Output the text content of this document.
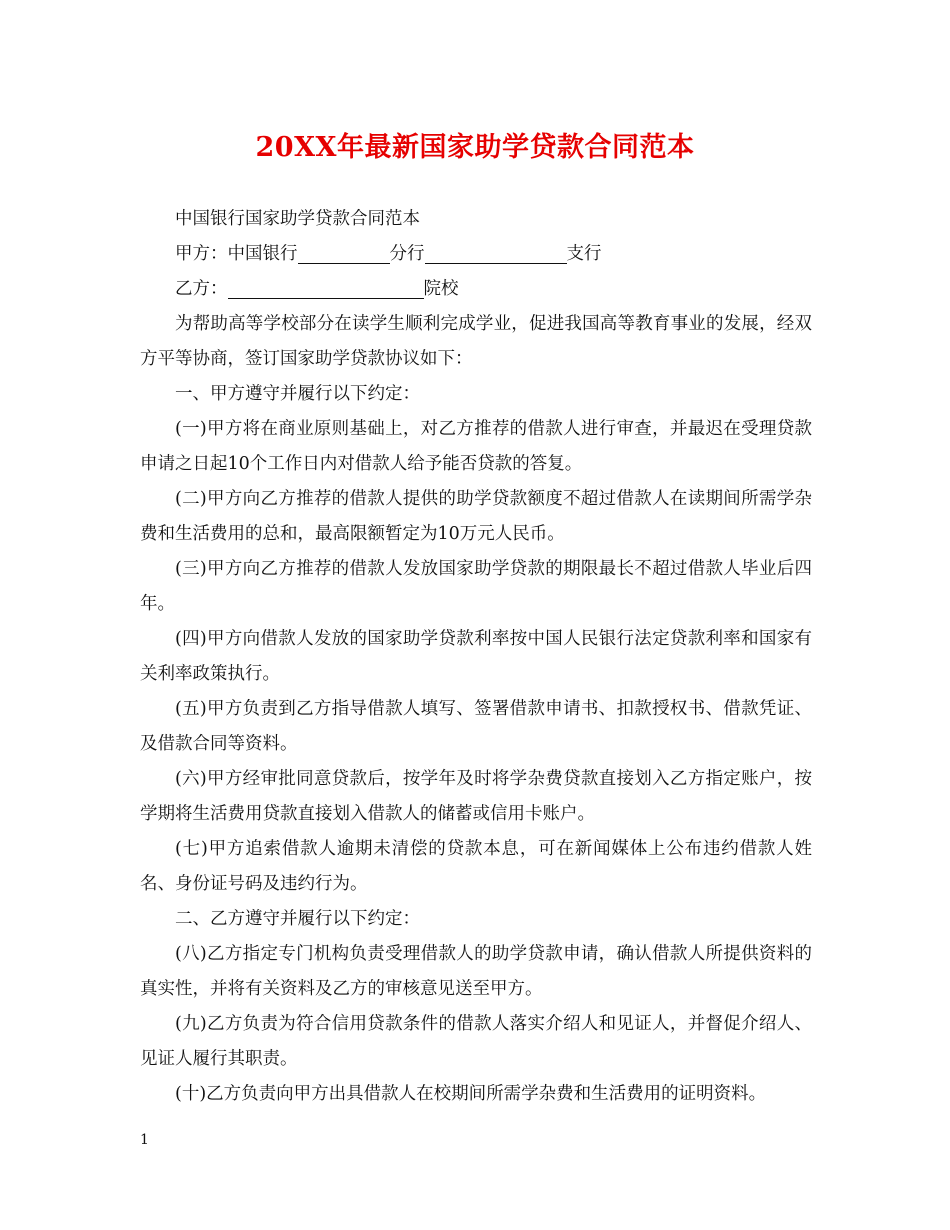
20XX年最新国家助学贷款合同范本

中国银行国家助学贷款合同范本

甲方：中国银行	分行	支行

乙方：	院校

为帮助高等学校部分在读学生顺利完成学业，促进我国高等教育事业的发展，经双方平等协商，签订国家助学贷款协议如下：

一、甲方遵守并履行以下约定：

(一)甲方将在商业原则基础上，对乙方推荐的借款人进行审查，并最迟在受理贷款申请之日起10个工作日内对借款人给予能否贷款的答复。

(二)甲方向乙方推荐的借款人提供的助学贷款额度不超过借款人在读期间所需学杂费和生活费用的总和，最高限额暂定为10万元人民币。

(三)甲方向乙方推荐的借款人发放国家助学贷款的期限最长不超过借款人毕业后四年。

(四)甲方向借款人发放的国家助学贷款利率按中国人民银行法定贷款利率和国家有关利率政策执行。

(五)甲方负责到乙方指导借款人填写、签署借款申请书、扣款授权书、借款凭证、及借款合同等资料。

(六)甲方经审批同意贷款后，按学年及时将学杂费贷款直接划入乙方指定账户，按学期将生活费用贷款直接划入借款人的储蓄或信用卡账户。

(七)甲方追索借款人逾期未清偿的贷款本息，可在新闻媒体上公布违约借款人姓名、身份证号码及违约行为。

二、乙方遵守并履行以下约定：

(八)乙方指定专门机构负责受理借款人的助学贷款申请，确认借款人所提供资料的真实性，并将有关资料及乙方的审核意见送至甲方。

(九)乙方负责为符合信用贷款条件的借款人落实介绍人和见证人，并督促介绍人、见证人履行其职责。

(十)乙方负责向甲方出具借款人在校期间所需学杂费和生活费用的证明资料。

1
